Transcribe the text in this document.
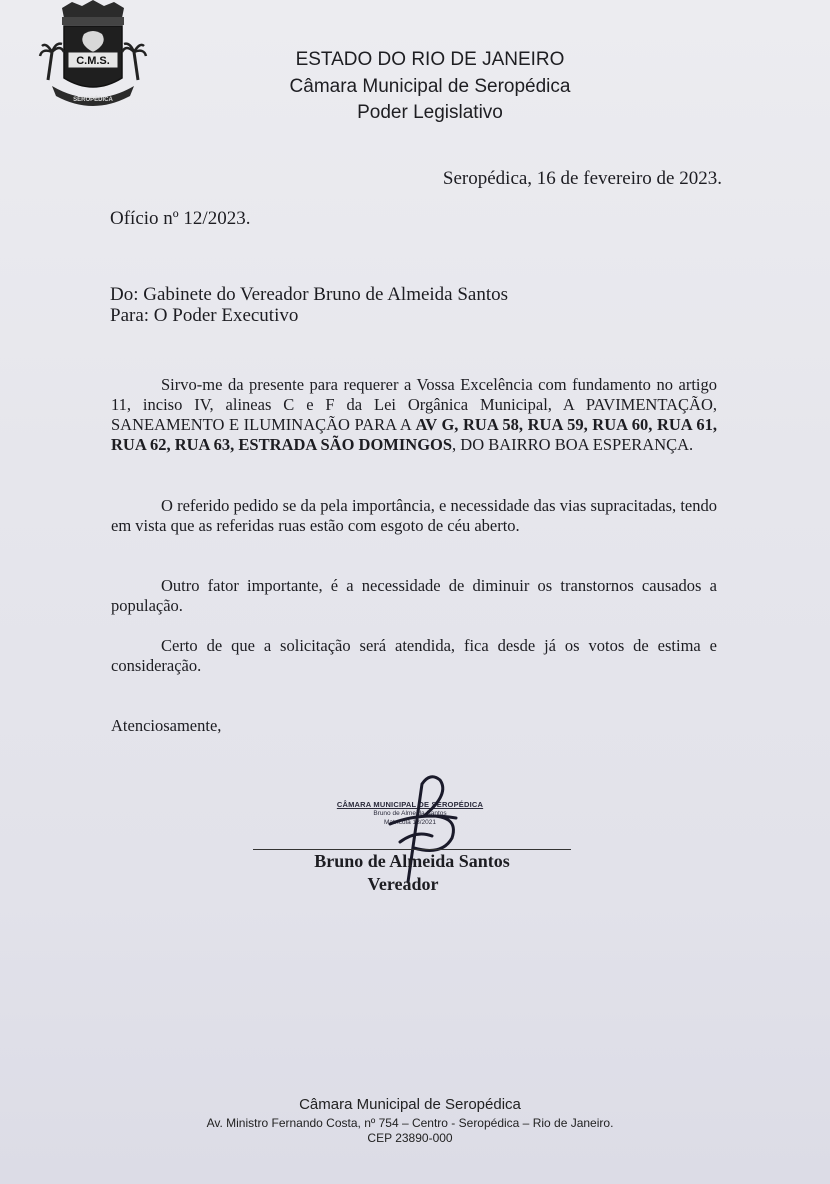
C.M.S.
SEROPÉDICA
ESTADO DO RIO DE JANEIRO
Câmara Municipal de Seropédica
Poder Legislativo
Seropédica, 16 de fevereiro de 2023.
Ofício nº 12/2023.
Do: Gabinete do Vereador Bruno de Almeida Santos
Para: O Poder Executivo
Sirvo-me da presente para requerer a Vossa Excelência com fundamento no artigo 11, inciso IV, alineas C e F da Lei Orgânica Municipal, A PAVIMENTAÇÃO, SANEAMENTO E ILUMINAÇÃO PARA A AV G, RUA 58, RUA 59, RUA 60, RUA 61, RUA 62, RUA 63, ESTRADA SÃO DOMINGOS, DO BAIRRO BOA ESPERANÇA.
O referido pedido se da pela importância, e necessidade das vias supracitadas, tendo em vista que as referidas ruas estão com esgoto de céu aberto.
Outro fator importante, é a necessidade de diminuir os transtornos causados a população.
Certo de que a solicitação será atendida, fica desde já os votos de estima e consideração.
Atenciosamente,
CÂMARA MUNICIPAL DE SEROPÉDICA
Bruno de Almeida Santos
Matrícula 18/2021
Bruno de Almeida Santos
Vereador
Câmara Municipal de Seropédica
Av. Ministro Fernando Costa, nº 754 – Centro - Seropédica – Rio de Janeiro.
CEP 23890-000
